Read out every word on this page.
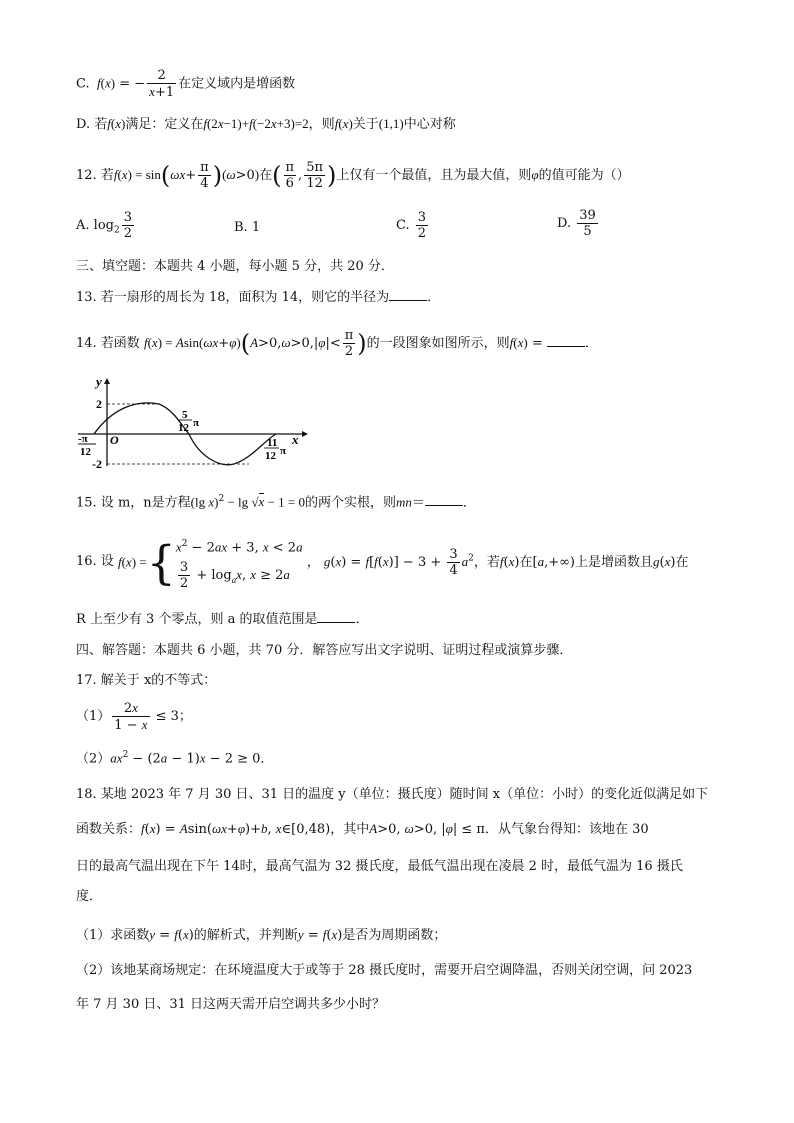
C.  f(x) = − $\frac{2}{x+1}$ 在定义域内是增函数
D. 若f(x)满足：定义在f(2x−1)+f(−2x+3)=2，则f(x)关于(1,1)中心对称
12. 若$f(x) = \sin(\omega x+ \frac{\pi}{4} )(\omega>0)$在( $\frac{\pi}{6}$ , $\frac{5\pi}{12}$ )上仅有一个最值，且为最大值，则φ的值可能为（）
A. $\log_2 \frac{3}{2}$	B. 1	C. $\frac{3}{2}$	D. $\frac{39}{5}$
三、填空题：本题共 4 小题，每小题 5 分，共 20 分．
13. 若一扇形的周长为 18，面积为 14，则它的半径为	．
14. 若函数 $f(x) = Asin(\omega x+\varphi)(A>0,\omega>0,|\varphi|< \frac{\pi}{2}$ )的一段图象如图所示，则f(x) =	．
y
x
O
2
-2
-π
12
5
12 π
11
12 π
15. 设 m，n是方程(lg x)$^2$ − lg √x − 1 = 0的两个实根，则mn＝	．
16. 设 f(x) ={ $x^2 - 2ax + 3$, x < 2a
$\frac{3}{2} + \log_ax$, x ≥ 2a
， $g(x) = f[f(x)] - 3 + \frac{3}{4} a^2$，若f(x)在[a,+∞)上是增函数且g(x)在
R 上至少有 3 个零点，则 a 的取值范围是	．
四、解答题：本题共 6 小题，共 70 分．解答应写出文字说明、证明过程或演算步骤．
17. 解关于 x的不等式：
$(1) \frac{2x}{1 - x} \le 3$；
$(2)ax^2 - (2a - 1)x - 2 \ge 0$．
18. 某地 2023 年 7 月 30 日、31 日的温度 y（单位：摄氏度）随时间 x（单位：小时）的变化近似满足如下
函数关系：f(x) = Asin(ωx+φ)+b, x∈[0,48)，其中A>0, ω>0, |φ| ≤ π．从气象台得知：该地在 30
日的最高气温出现在下午 14时，最高气温为 32 摄氏度，最低气温出现在凌晨 2 时，最低气温为 16 摄氏
度．
（1）求函数y = f(x)的解析式，并判断y = f(x)是否为周期函数；
（2）该地某商场规定：在环境温度大于或等于 28 摄氏度时，需要开启空调降温，否则关闭空调，问 2023
年 7 月 30 日、31 日这两天需开启空调共多少小时？
